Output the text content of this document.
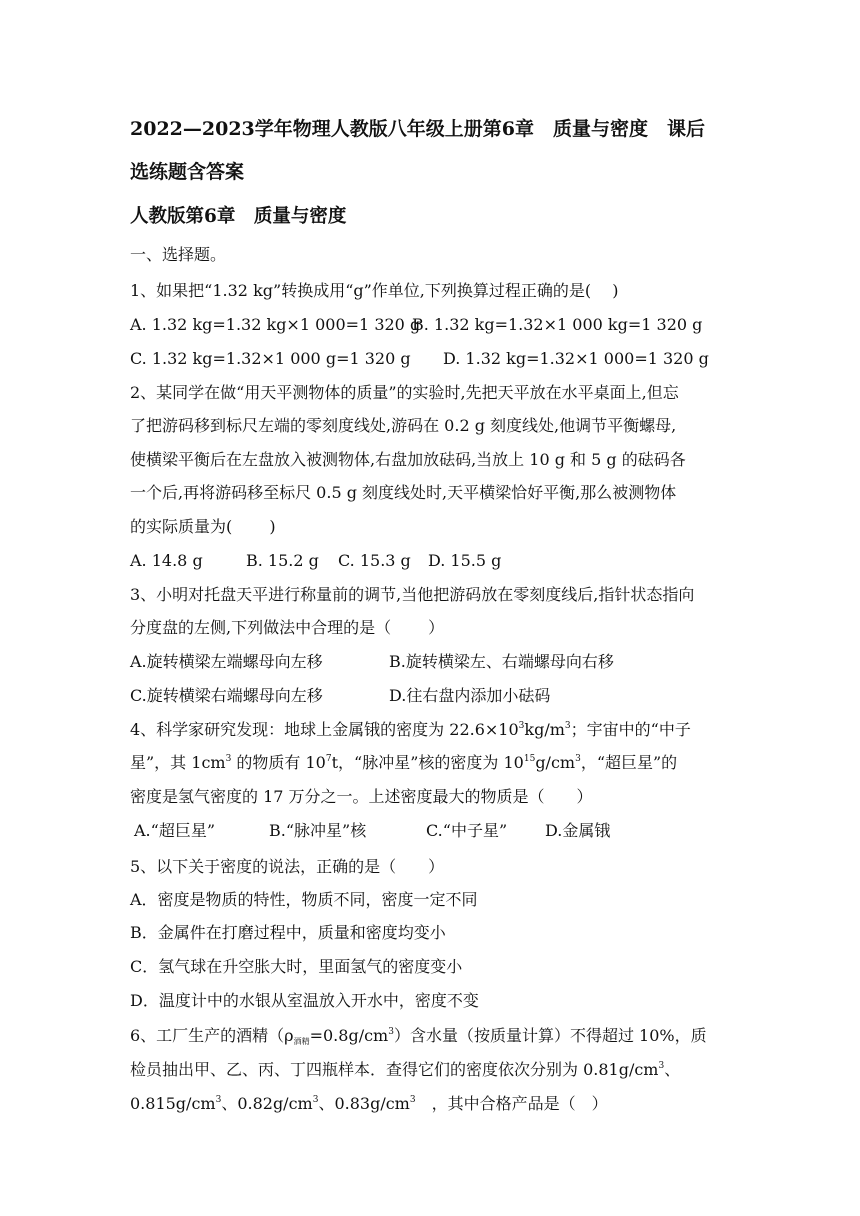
2022—2023学年物理人教版八年级上册第6章　质量与密度　课后
选练题含答案
人教版第6章　质量与密度
一、选择题。
1、如果把“1.32 kg”转换成用“g”作单位,下列换算过程正确的是(　 )
A. 1.32 kg=1.32 kg×1 000=1 320 g
B. 1.32 kg=1.32×1 000 kg=1 320 g
C. 1.32 kg=1.32×1 000 g=1 320 g D. 1.32 kg=1.32×1 000=1 320 g
2、某同学在做“用天平测物体的质量”的实验时,先把天平放在水平桌面上,但忘
了把游码移到标尺左端的零刻度线处,游码在 0.2 g 刻度线处,他调节平衡螺母,
使横梁平衡后在左盘放入被测物体,右盘加放砝码,当放上 10 g 和 5 g 的砝码各
一个后,再将游码移至标尺 0.5 g 刻度线处时,天平横梁恰好平衡,那么被测物体
的实际质量为(　　 )
A. 14.8 g	B. 15.2 g C. 15.3 g D. 15.5 g
3、小明对托盘天平进行称量前的调节,当他把游码放在零刻度线后,指针状态指向
分度盘的左侧,下列做法中合理的是（　　 ）
A.旋转横梁左端螺母向左移	B.旋转横梁左、右端螺母向右移
C.旋转横梁右端螺母向左移	D.往右盘内添加小砝码
4、科学家研究发现：地球上金属锇的密度为 $22.6\times 10^3kg/m^3$；宇宙中的“中子
星”，其 $1cm^3$ 的物质有 $10^7t$，“脉冲星”核的密度为 $10^{15}g/cm^3$，“超巨星”的
密度是氢气密度的 17 万分之一。上述密度最大的物质是（　　）
A.“超巨星”	B.“脉冲星”核	C.“中子星” D.金属锇
5、以下关于密度的说法，正确的是（　　）
A．密度是物质的特性，物质不同，密度一定不同
B．金属件在打磨过程中，质量和密度均变小
C．氢气球在升空胀大时，里面氢气的密度变小
D．温度计中的水银从室温放入开水中，密度不变
6、工厂生产的酒精$(\rho_{酒精}=0.8g/cm^3)$含水量（按质量计算）不得超过 10%，质
检员抽出甲、乙、丙、丁四瓶样本．查得它们的密度依次分别为 $0.81g/cm^3$、
$0.815g/cm^3$、$0.82g/cm^3$、$0.83g/cm^3$　，其中合格产品是（　）
